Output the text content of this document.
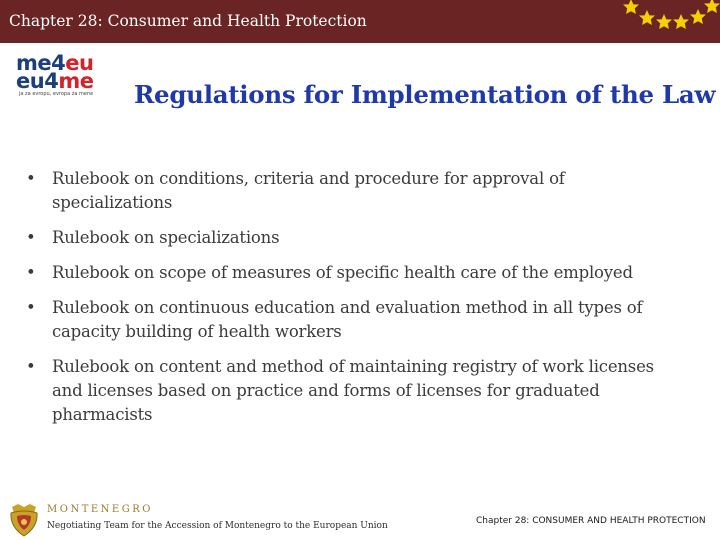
Chapter 28: Consumer and Health Protection
me4eu
eu4me
ja za evropu, evropa za mene Regulations for Implementation of the Law
• Rulebook on conditions, criteria and procedure for approval of
specializations
• Rulebook on specializations
• Rulebook on scope of measures of specific health care of the employed
• Rulebook on continuous education and evaluation method in all types of
capacity building of health workers
• Rulebook on content and method of maintaining registry of work licenses
and licenses based on practice and forms of licenses for graduated
pharmacists
MONTENEGRO
Negotiating Team for the Accession of Montenegro to the European Union	Chapter 28: CONSUMER AND HEALTH PROTECTION
